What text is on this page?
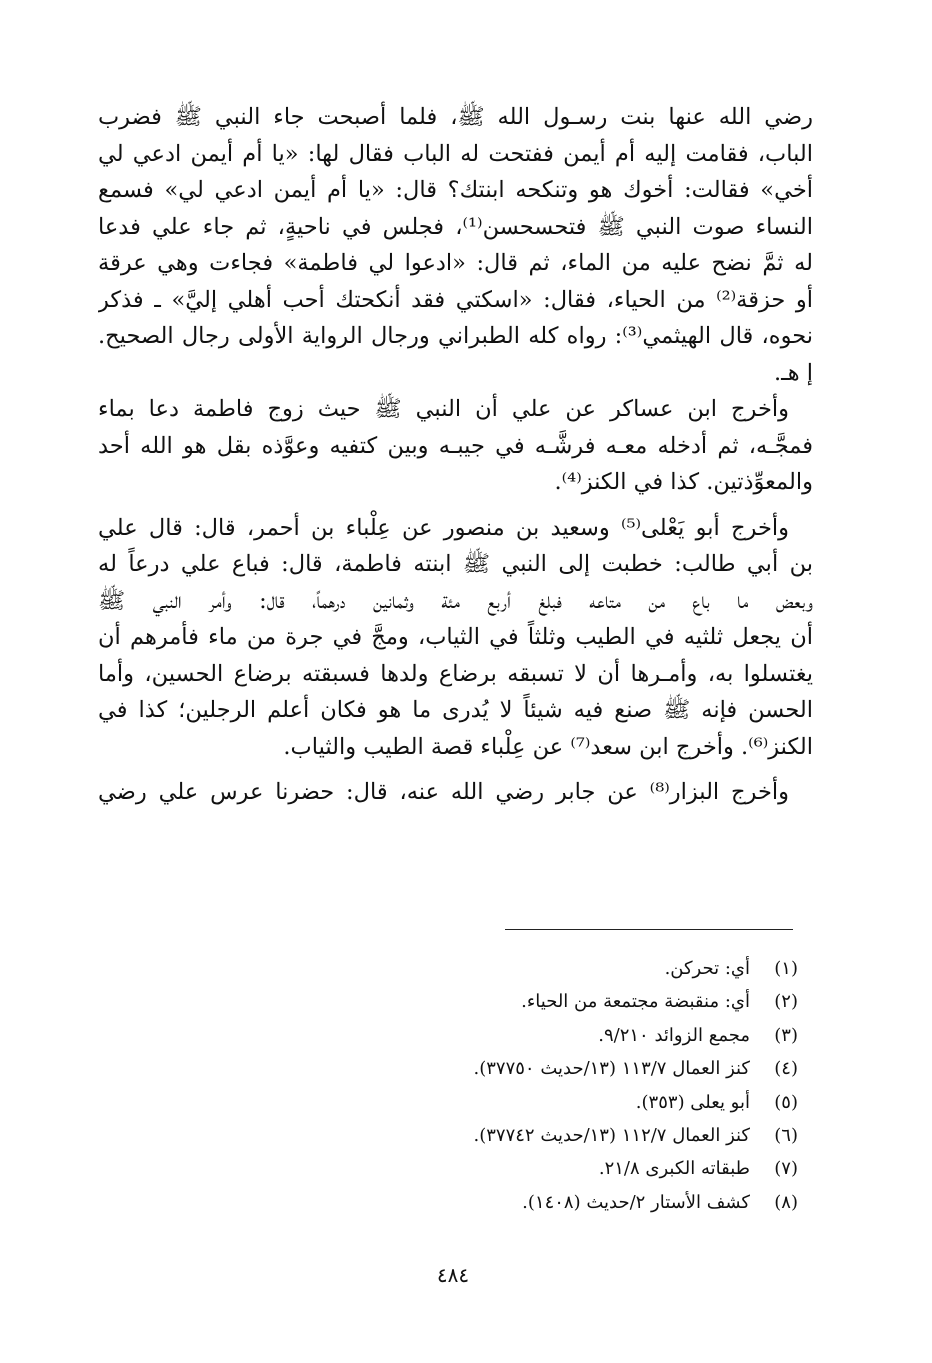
رضي الله عنها بنت رسـول الله ﷺ، فلما أصبحت جاء النبي ﷺ فضرب
الباب، فقامت إليه أم أيمن ففتحت له الباب فقال لها: «يا أم أيمن ادعي لي
أخي» فقالت: أخوك هو وتنكحه ابنتك؟ قال: «يا أم أيمن ادعي لي» فسمع
النساء صوت النبي ﷺ فتحسحسن⁽¹⁾، فجلس في ناحيةٍ، ثم جاء علي فدعا
له ثمَّ نضح عليه من الماء، ثم قال: «ادعوا لي فاطمة» فجاءت وهي عرقة
أو حزقة⁽²⁾ من الحياء، فقال: «اسكتي فقد أنكحتك أحب أهلي إليَّ» ـ فذكر
نحوه، قال الهيثمي⁽³⁾: رواه كله الطبراني ورجال الرواية الأولى رجال الصحيح.
إ هـ.
وأخرج ابن عساكر عن علي أن النبي ﷺ حيث زوج فاطمة دعا بماء
فمجَّـه، ثم أدخله معـه فرشَّـه في جيبـه وبين كتفيه وعوَّذه بقل هو الله أحد
والمعوِّذتين. كذا في الكنز⁽⁴⁾.
وأخرج أبو يَعْلى⁽⁵⁾ وسعيد بن منصور عن عِلْباء بن أحمر، قال: قال علي
بن أبي طالب: خطبت إلى النبي ﷺ ابنته فاطمة، قال: فباع علي درعاً له
وبعض ما باع من متاعه فبلغ أربع مئة وثمانين درهماً، قال: وأمر النبي ﷺ
أن يجعل ثلثيه في الطيب وثلثاً في الثياب، ومجَّ في جرة من ماء فأمرهم أن
يغتسلوا به، وأمـرها أن لا تسبقه برضاع ولدها فسبقته برضاع الحسين، وأما
الحسن فإنه ﷺ صنع فيه شيئاً لا يُدرى ما هو فكان أعلم الرجلين؛ كذا في
الكنز⁽⁶⁾. وأخرج ابن سعد⁽⁷⁾ عن عِلْباء قصة الطيب والثياب.
وأخرج البزار⁽⁸⁾ عن جابر رضي الله عنه، قال: حضرنا عرس علي رضي
(١)
أي: تحركن.
(٢)
أي: منقبضة مجتمعة من الحياء.
(٣)
مجمع الزوائد ٩/٢١٠.
(٤)
كنز العمال ١١٣/٧ (١٣/حديث ٣٧٧٥٠).
(٥)
أبو يعلى (٣٥٣).
(٦)
كنز العمال ١١٢/٧ (١٣/حديث ٣٧٧٤٢).
(٧)
طبقاته الكبرى ٢١/٨.
(٨)
كشف الأستار ٢/حديث (١٤٠٨).
٤٨٤
